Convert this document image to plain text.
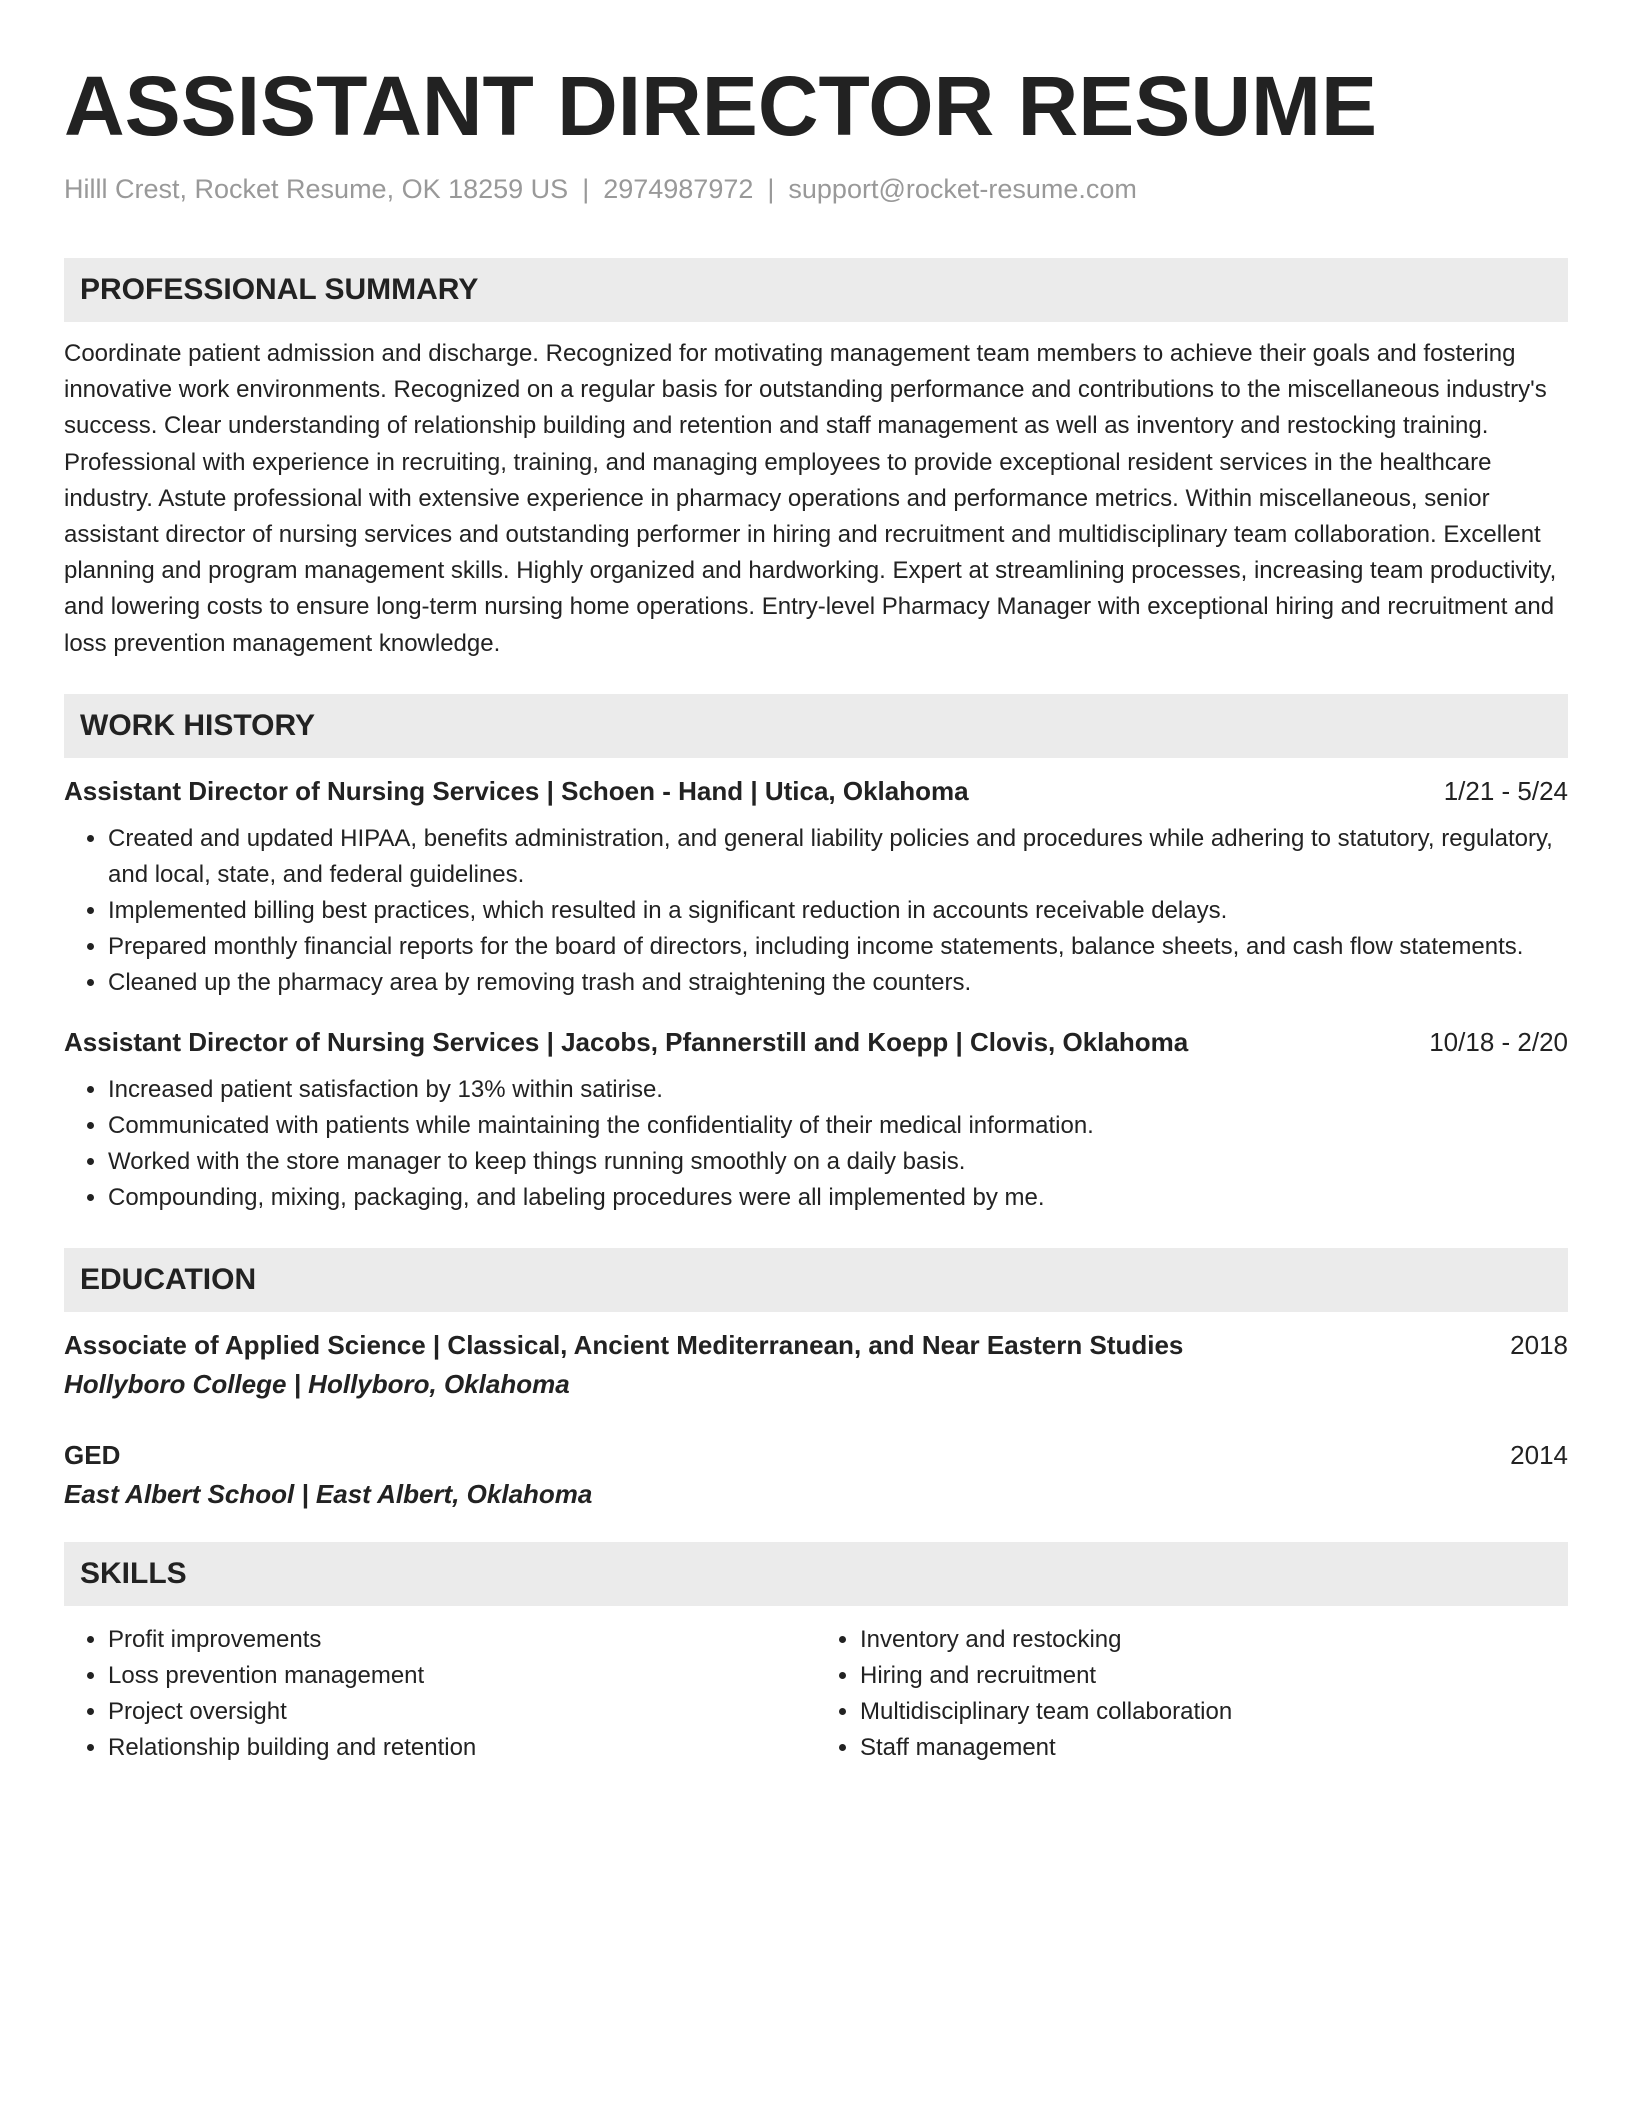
ASSISTANT DIRECTOR RESUME
Hilll Crest, Rocket Resume, OK 18259 US | 2974987972 | support@rocket-resume.com
PROFESSIONAL SUMMARY
Coordinate patient admission and discharge. Recognized for motivating management team members to achieve their goals and fostering innovative work environments. Recognized on a regular basis for outstanding performance and contributions to the miscellaneous industry's success. Clear understanding of relationship building and retention and staff management as well as inventory and restocking training. Professional with experience in recruiting, training, and managing employees to provide exceptional resident services in the healthcare industry. Astute professional with extensive experience in pharmacy operations and performance metrics. Within miscellaneous, senior assistant director of nursing services and outstanding performer in hiring and recruitment and multidisciplinary team collaboration. Excellent planning and program management skills. Highly organized and hardworking. Expert at streamlining processes, increasing team productivity, and lowering costs to ensure long-term nursing home operations. Entry-level Pharmacy Manager with exceptional hiring and recruitment and loss prevention management knowledge.
WORK HISTORY
Assistant Director of Nursing Services | Schoen - Hand | Utica, Oklahoma	1/21 - 5/24
• Created and updated HIPAA, benefits administration, and general liability policies and procedures while adhering to statutory, regulatory, and local, state, and federal guidelines.
• Implemented billing best practices, which resulted in a significant reduction in accounts receivable delays.
• Prepared monthly financial reports for the board of directors, including income statements, balance sheets, and cash flow statements.
• Cleaned up the pharmacy area by removing trash and straightening the counters.
Assistant Director of Nursing Services | Jacobs, Pfannerstill and Koepp | Clovis, Oklahoma	10/18 - 2/20
• Increased patient satisfaction by 13% within satirise.
• Communicated with patients while maintaining the confidentiality of their medical information.
• Worked with the store manager to keep things running smoothly on a daily basis.
• Compounding, mixing, packaging, and labeling procedures were all implemented by me.
EDUCATION
Associate of Applied Science | Classical, Ancient Mediterranean, and Near Eastern Studies	2018
Hollyboro College | Hollyboro, Oklahoma
GED	2014
East Albert School | East Albert, Oklahoma
SKILLS
• Profit improvements
• Loss prevention management
• Project oversight
• Relationship building and retention
• Inventory and restocking
• Hiring and recruitment
• Multidisciplinary team collaboration
• Staff management
